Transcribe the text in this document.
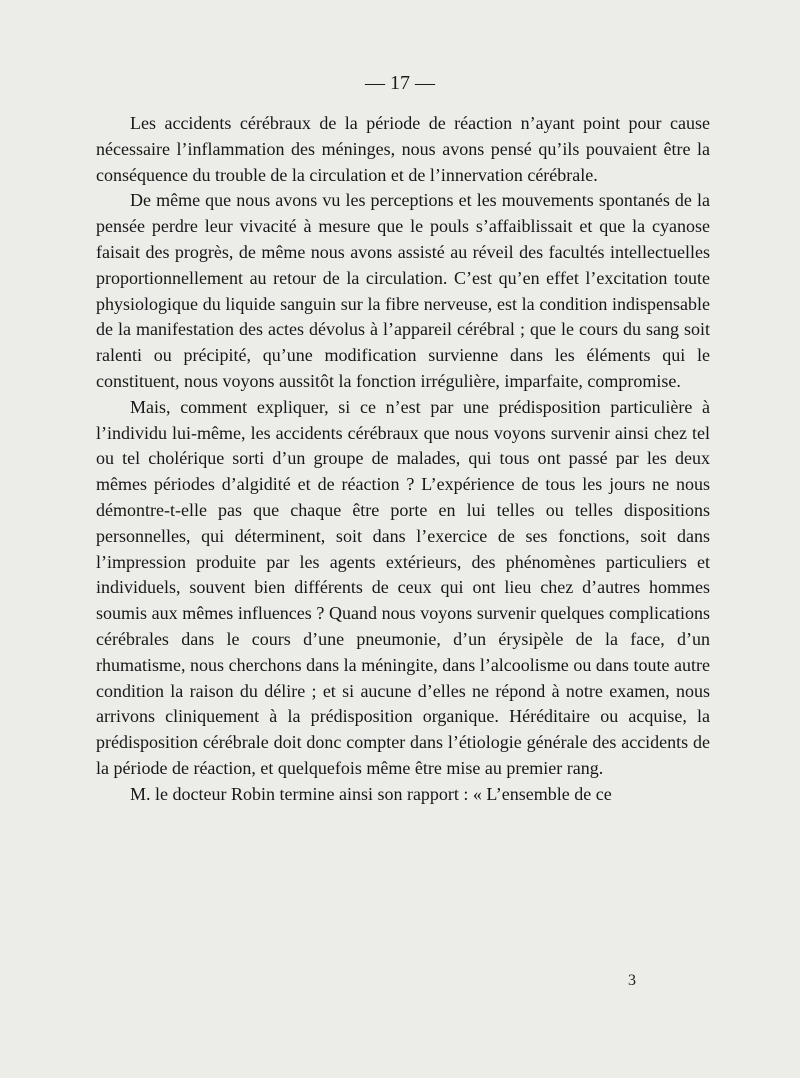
— 17 —

Les accidents cérébraux de la période de réaction n’ayant point pour cause nécessaire l’inflammation des méninges, nous avons pensé qu’ils pouvaient être la conséquence du trouble de la circulation et de l’innervation cérébrale.

De même que nous avons vu les perceptions et les mouvements spontanés de la pensée perdre leur vivacité à mesure que le pouls s’affaiblissait et que la cyanose faisait des progrès, de même nous avons assisté au réveil des facultés intellectuelles proportionnellement au retour de la circulation. C’est qu’en effet l’excitation toute physiologique du liquide sanguin sur la fibre nerveuse, est la condition indispensable de la manifestation des actes dévolus à l’appareil cérébral ; que le cours du sang soit ralenti ou précipité, qu’une modification survienne dans les éléments qui le constituent, nous voyons aussitôt la fonction irrégulière, imparfaite, compromise.

Mais, comment expliquer, si ce n’est par une prédisposition particulière à l’individu lui-même, les accidents cérébraux que nous voyons survenir ainsi chez tel ou tel cholérique sorti d’un groupe de malades, qui tous ont passé par les deux mêmes périodes d’algidité et de réaction ? L’expérience de tous les jours ne nous démontre-t-elle pas que chaque être porte en lui telles ou telles dispositions personnelles, qui déterminent, soit dans l’exercice de ses fonctions, soit dans l’impression produite par les agents extérieurs, des phénomènes particuliers et individuels, souvent bien différents de ceux qui ont lieu chez d’autres hommes soumis aux mêmes influences ? Quand nous voyons survenir quelques complications cérébrales dans le cours d’une pneumonie, d’un érysipèle de la face, d’un rhumatisme, nous cherchons dans la méningite, dans l’alcoolisme ou dans toute autre condition la raison du délire ; et si aucune d’elles ne répond à notre examen, nous arrivons cliniquement à la prédisposition organique. Héréditaire ou acquise, la prédisposition cérébrale doit donc compter dans l’étiologie générale des accidents de la période de réaction, et quelquefois même être mise au premier rang.

M. le docteur Robin termine ainsi son rapport : « L’ensemble de ce

3
